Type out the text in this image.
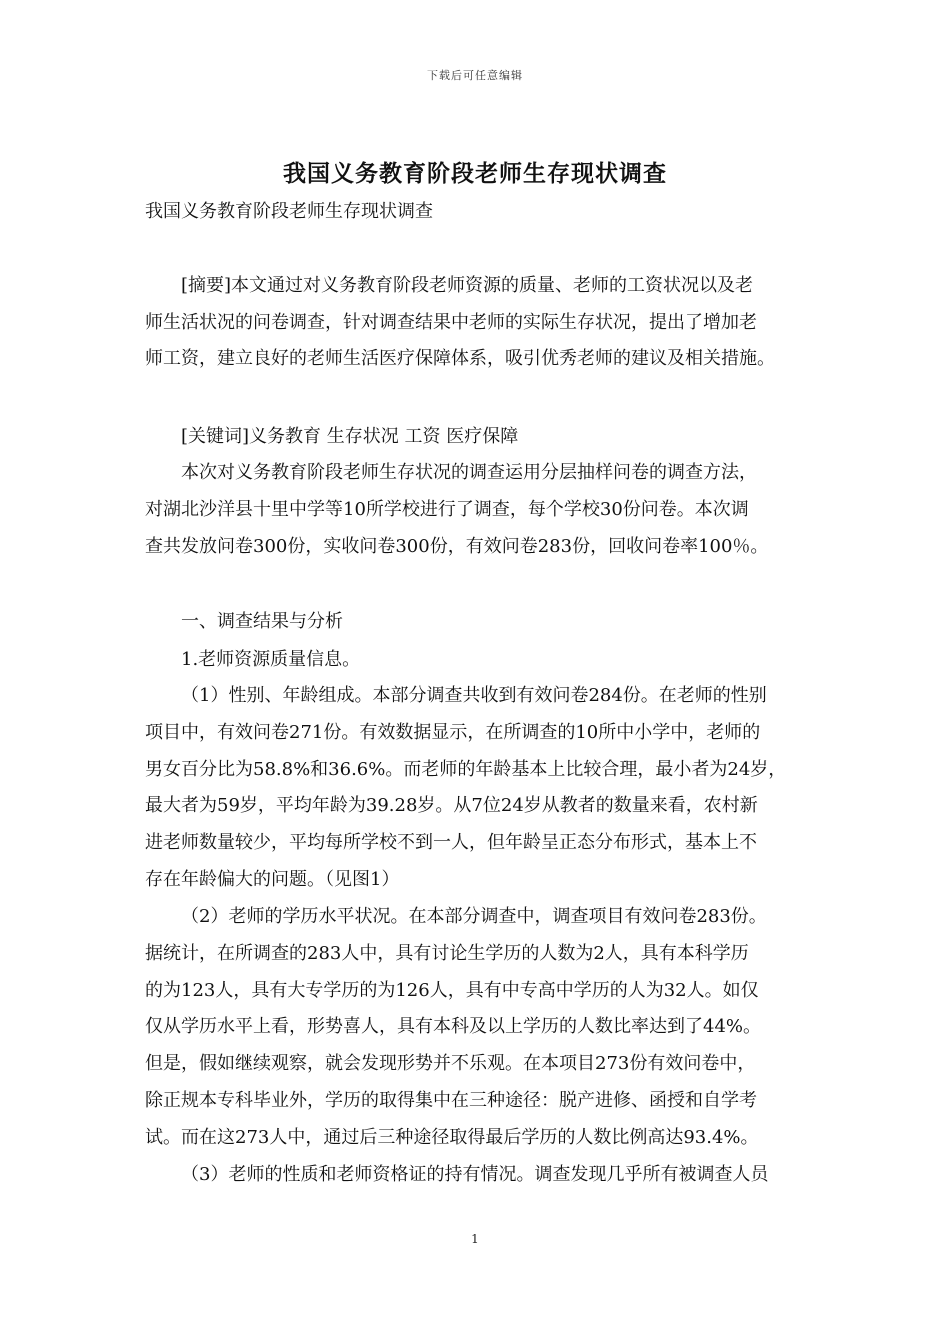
下载后可任意编辑
我国义务教育阶段老师生存现状调查
我国义务教育阶段老师生存现状调查
[摘要]本文通过对义务教育阶段老师资源的质量、老师的工资状况以及老
师生活状况的问卷调查，针对调查结果中老师的实际生存状况，提出了增加老
师工资，建立良好的老师生活医疗保障体系，吸引优秀老师的建议及相关措施。
[关键词]义务教育 生存状况 工资 医疗保障
本次对义务教育阶段老师生存状况的调查运用分层抽样问卷的调查方法，
对湖北沙洋县十里中学等10所学校进行了调查，每个学校30份问卷。本次调
查共发放问卷300份，实收问卷300份，有效问卷283份，回收问卷率100％。
一、调查结果与分析
1.老师资源质量信息。
（1）性别、年龄组成。本部分调查共收到有效问卷284份。在老师的性别
项目中，有效问卷271份。有效数据显示，在所调查的10所中小学中，老师的
男女百分比为58.8%和36.6%。而老师的年龄基本上比较合理，最小者为24岁，
最大者为59岁，平均年龄为39.28岁。从7位24岁从教者的数量来看，农村新
进老师数量较少，平均每所学校不到一人，但年龄呈正态分布形式，基本上不
存在年龄偏大的问题。（见图1）
（2）老师的学历水平状况。在本部分调查中，调查项目有效问卷283份。
据统计，在所调查的283人中，具有讨论生学历的人数为2人，具有本科学历
的为123人，具有大专学历的为126人，具有中专高中学历的人为32人。如仅
仅从学历水平上看，形势喜人，具有本科及以上学历的人数比率达到了44%。
但是，假如继续观察，就会发现形势并不乐观。在本项目273份有效问卷中，
除正规本专科毕业外，学历的取得集中在三种途径：脱产进修、函授和自学考
试。而在这273人中，通过后三种途径取得最后学历的人数比例高达93.4%。
（3）老师的性质和老师资格证的持有情况。调查发现几乎所有被调查人员
1
